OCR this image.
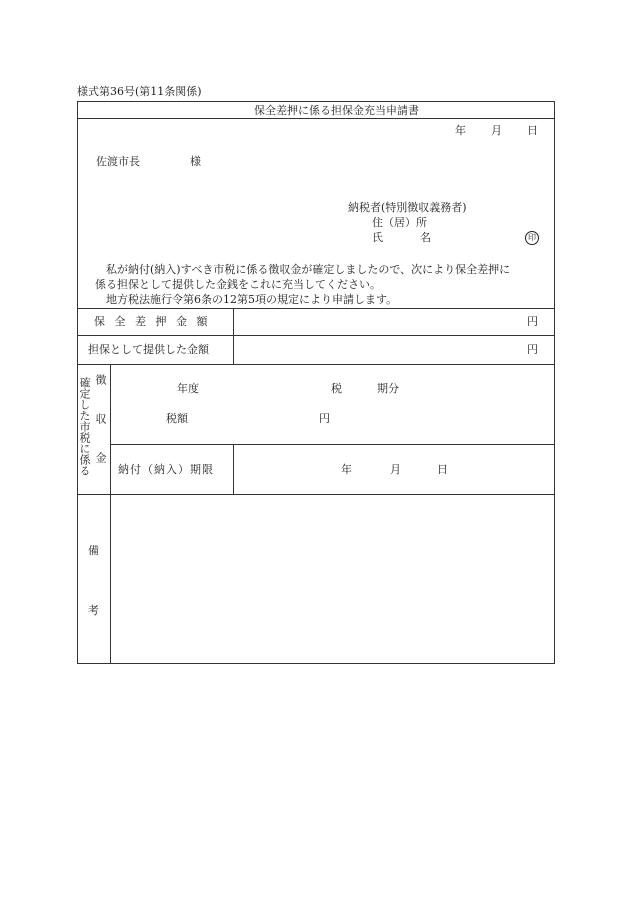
様式第36号(第11条関係)
保全差押に係る担保金充当申請書
年 月 日
佐渡市長	様
納税者(特別徴収義務者)
住（居）所
氏	名	印
私が納付(納入)すべき市税に係る徴収金が確定しましたので、次により保全差押に
係る担保として提供した金銭をこれに充当してください。
地方税法施行令第6条の12第5項の規定により申請します。
保 全 差 押 金 額	円
担保として提供した金額	円
確定した市税に係る 徴収金	年度	税	期分
税額	円
納付（納入）期限	年	月	日
備
考
